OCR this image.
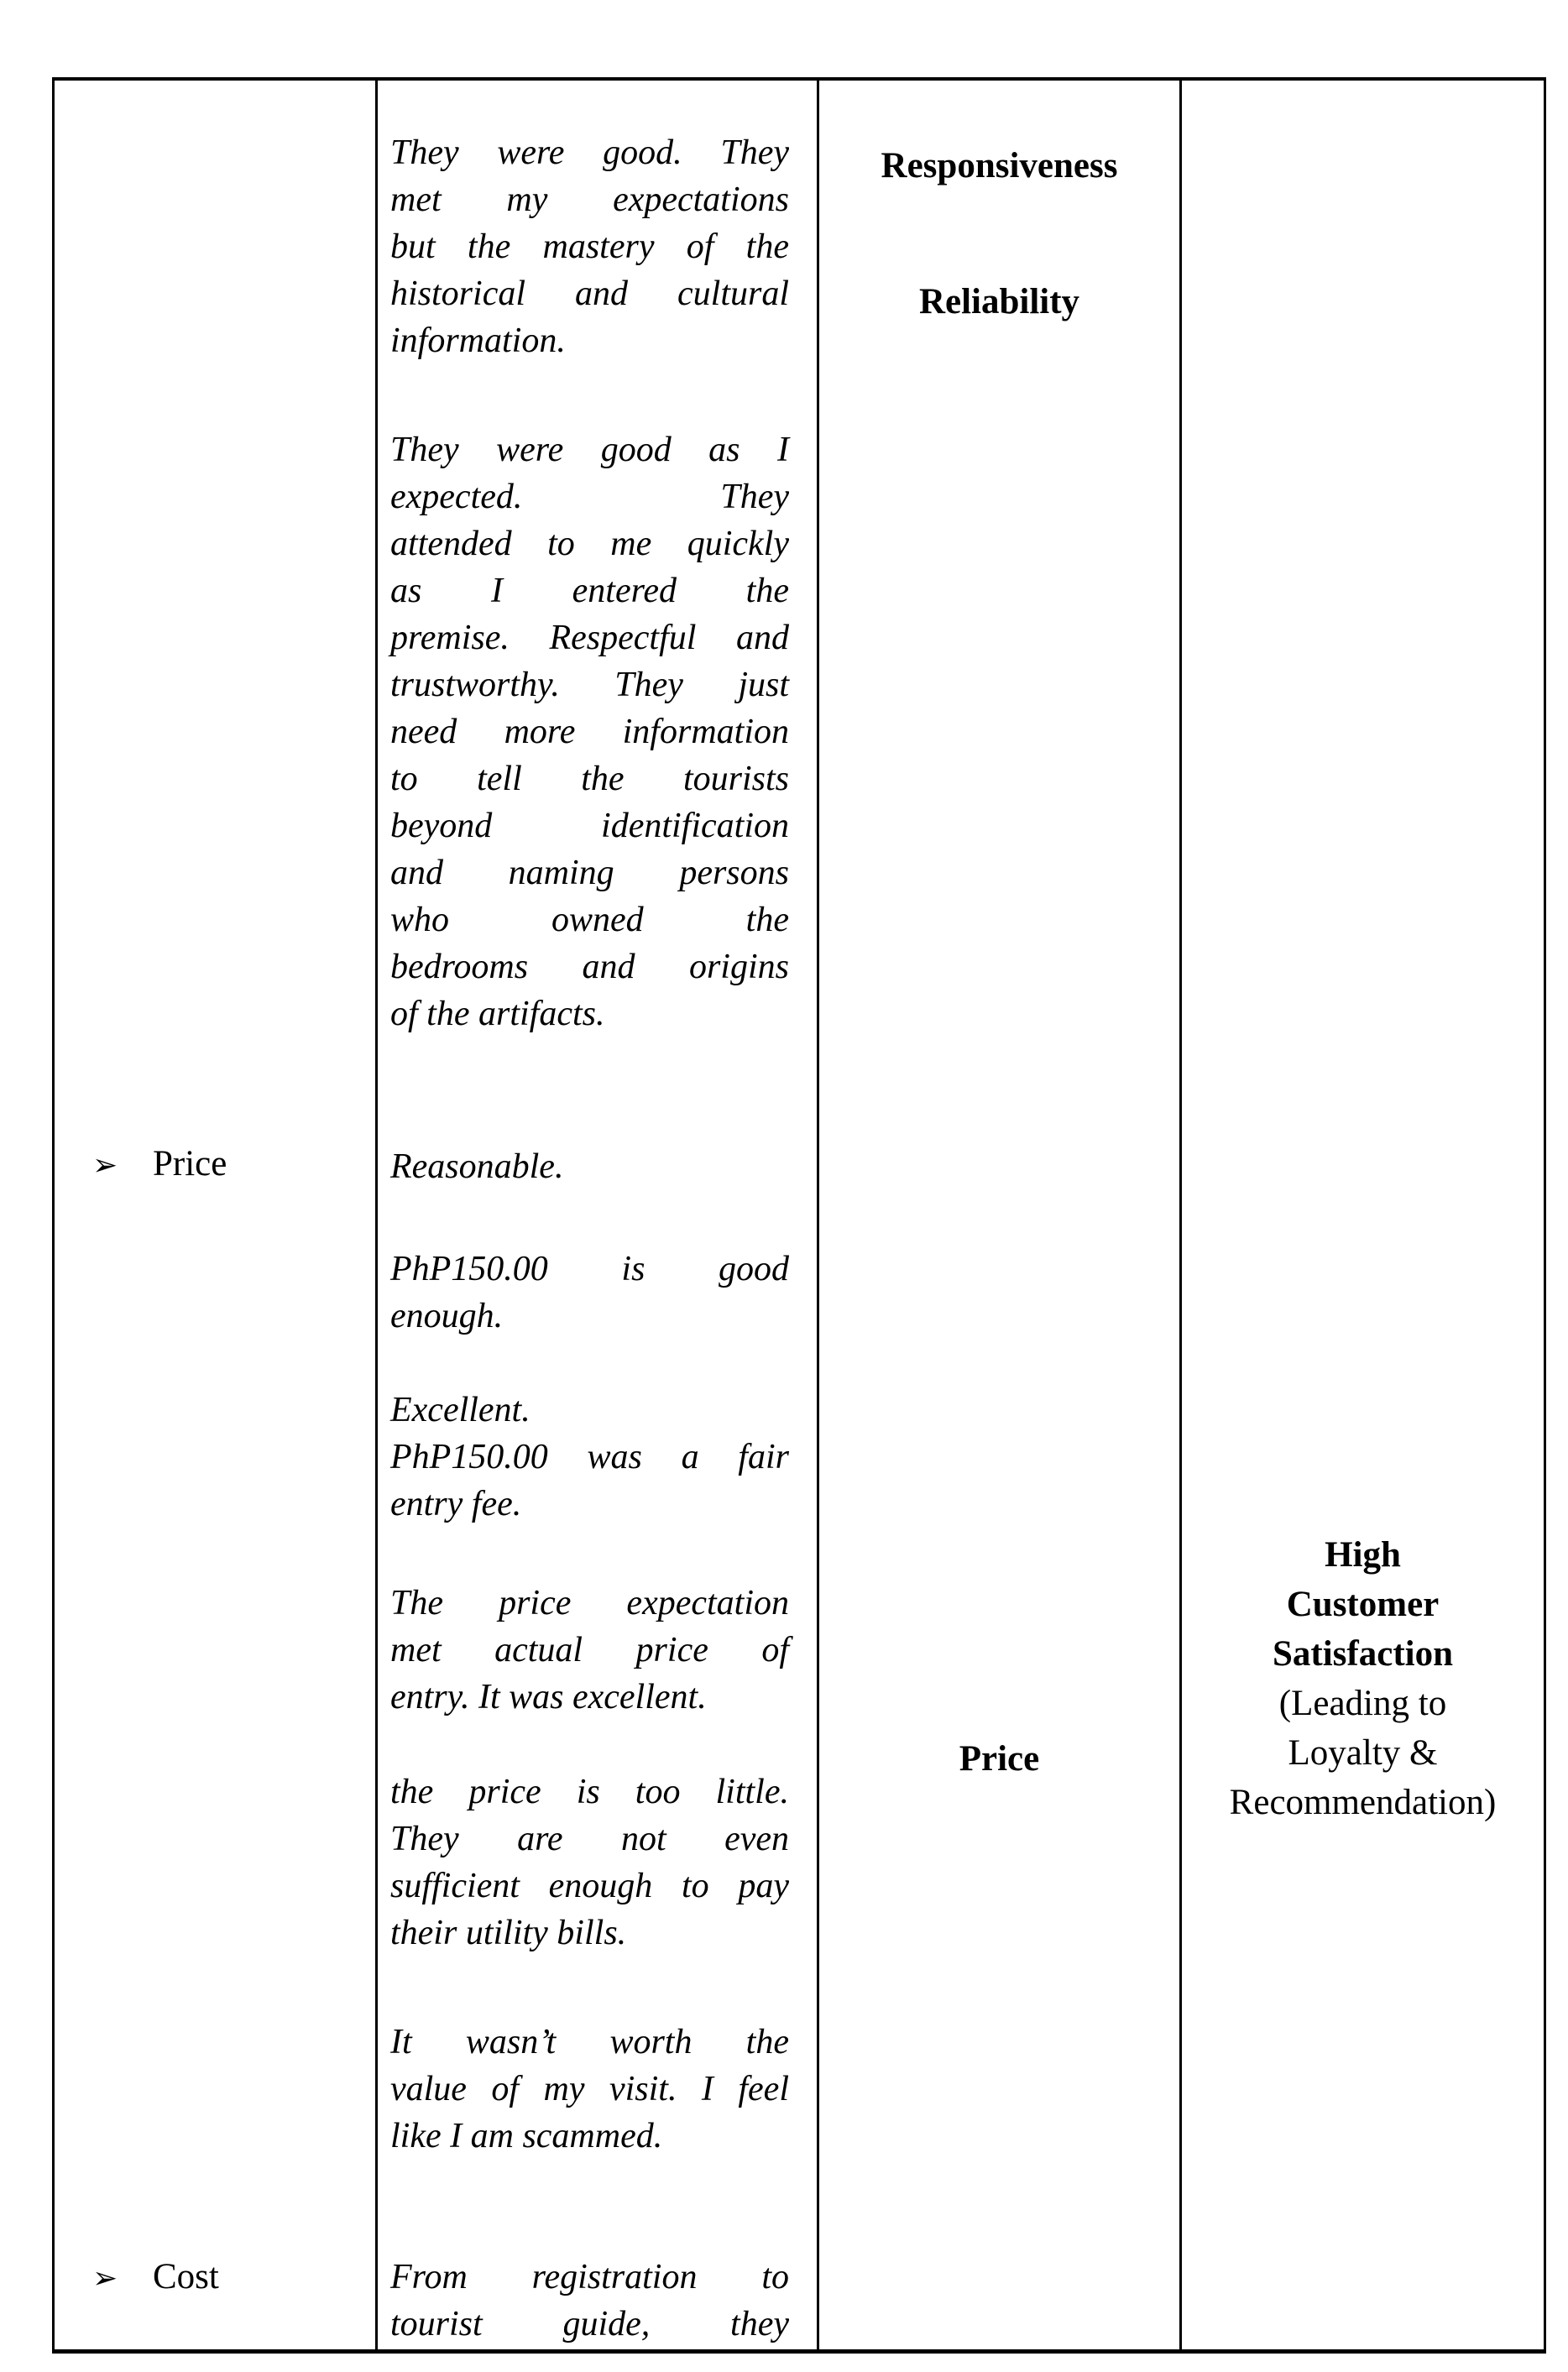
➢ Price
➢ Cost
They were good. They
met my expectations
but the mastery of the
historical and cultural
information.
They were good as I
expected. They
attended to me quickly
as I entered the
premise. Respectful and
trustworthy. They just
need more information
to tell the tourists
beyond identification
and naming persons
who owned the
bedrooms and origins
of the artifacts.
Reasonable.
PhP150.00 is good
enough.
Excellent.
PhP150.00 was a fair
entry fee.
The price expectation
met actual price of
entry. It was excellent.
the price is too little.
They are not even
sufficient enough to pay
their utility bills.
It wasn’t worth the
value of my visit. I feel
like I am scammed.
From registration to
tourist guide, they
Responsiveness
Reliability
Price
High
Customer
Satisfaction
(Leading to
Loyalty &
Recommendation)
